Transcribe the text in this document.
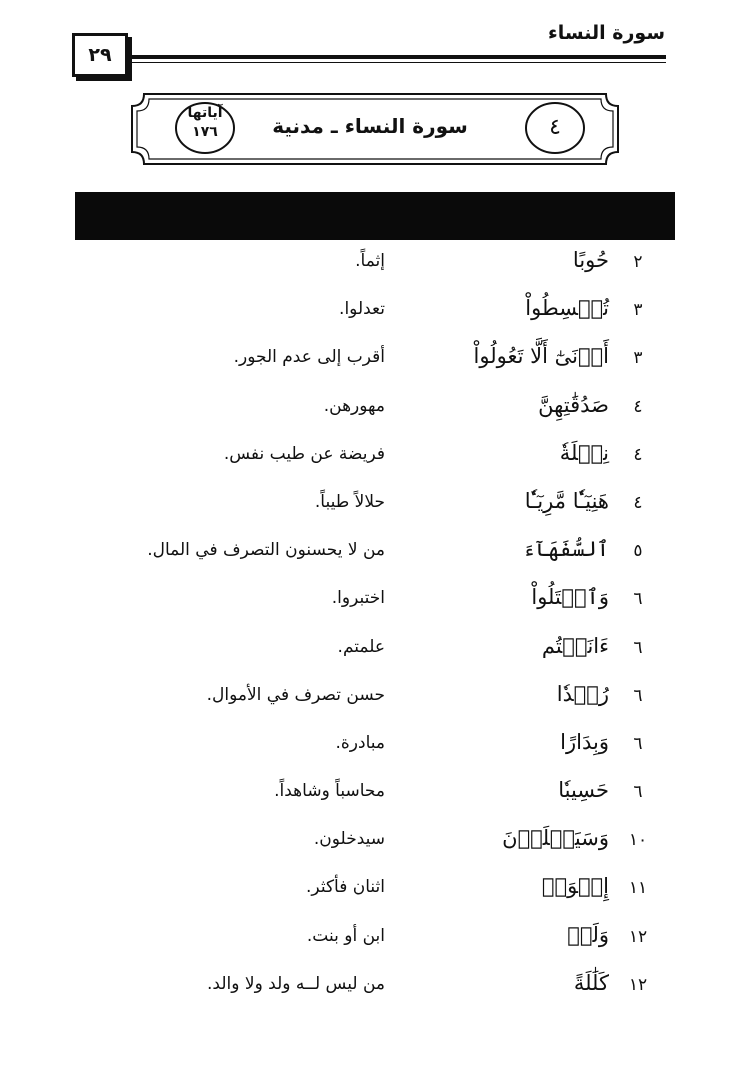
سورة النساء
٢٩
٤
سورة النساء ـ مدنية
آياتها
١٧٦
٢
حُوبًا
إثماً.
٣
تُقۡسِطُواْ
تعدلوا.
٣
أَدۡنَىٰٓ أَلَّا تَعُولُواْ
أقرب إلى عدم الجور.
٤
صَدُقَٰتِهِنَّ
مهورهن.
٤
نِحۡلَةٗ
فريضة عن طيب نفس.
٤
هَنِيٓـٔٗا مَّرِيٓـٔٗا
حلالاً طيباً.
٥
ٱلسُّفَهَآءَ
من لا يحسنون التصرف في المال.
٦
وَٱبۡتَلُواْ
اختبروا.
٦
ءَانَسۡتُم
علمتم.
٦
رُشۡدٗا
حسن تصرف في الأموال.
٦
وَبِدَارًا
مبادرة.
٦
حَسِيبٗا
محاسباً وشاهداً.
١٠
وَسَيَصۡلَوۡنَ
سيدخلون.
١١
إِخۡوَةٞ
اثنان فأكثر.
١٢
وَلَدٞ
ابن أو بنت.
١٢
كَلَٰلَةً
من ليس لــه ولد ولا والد.
